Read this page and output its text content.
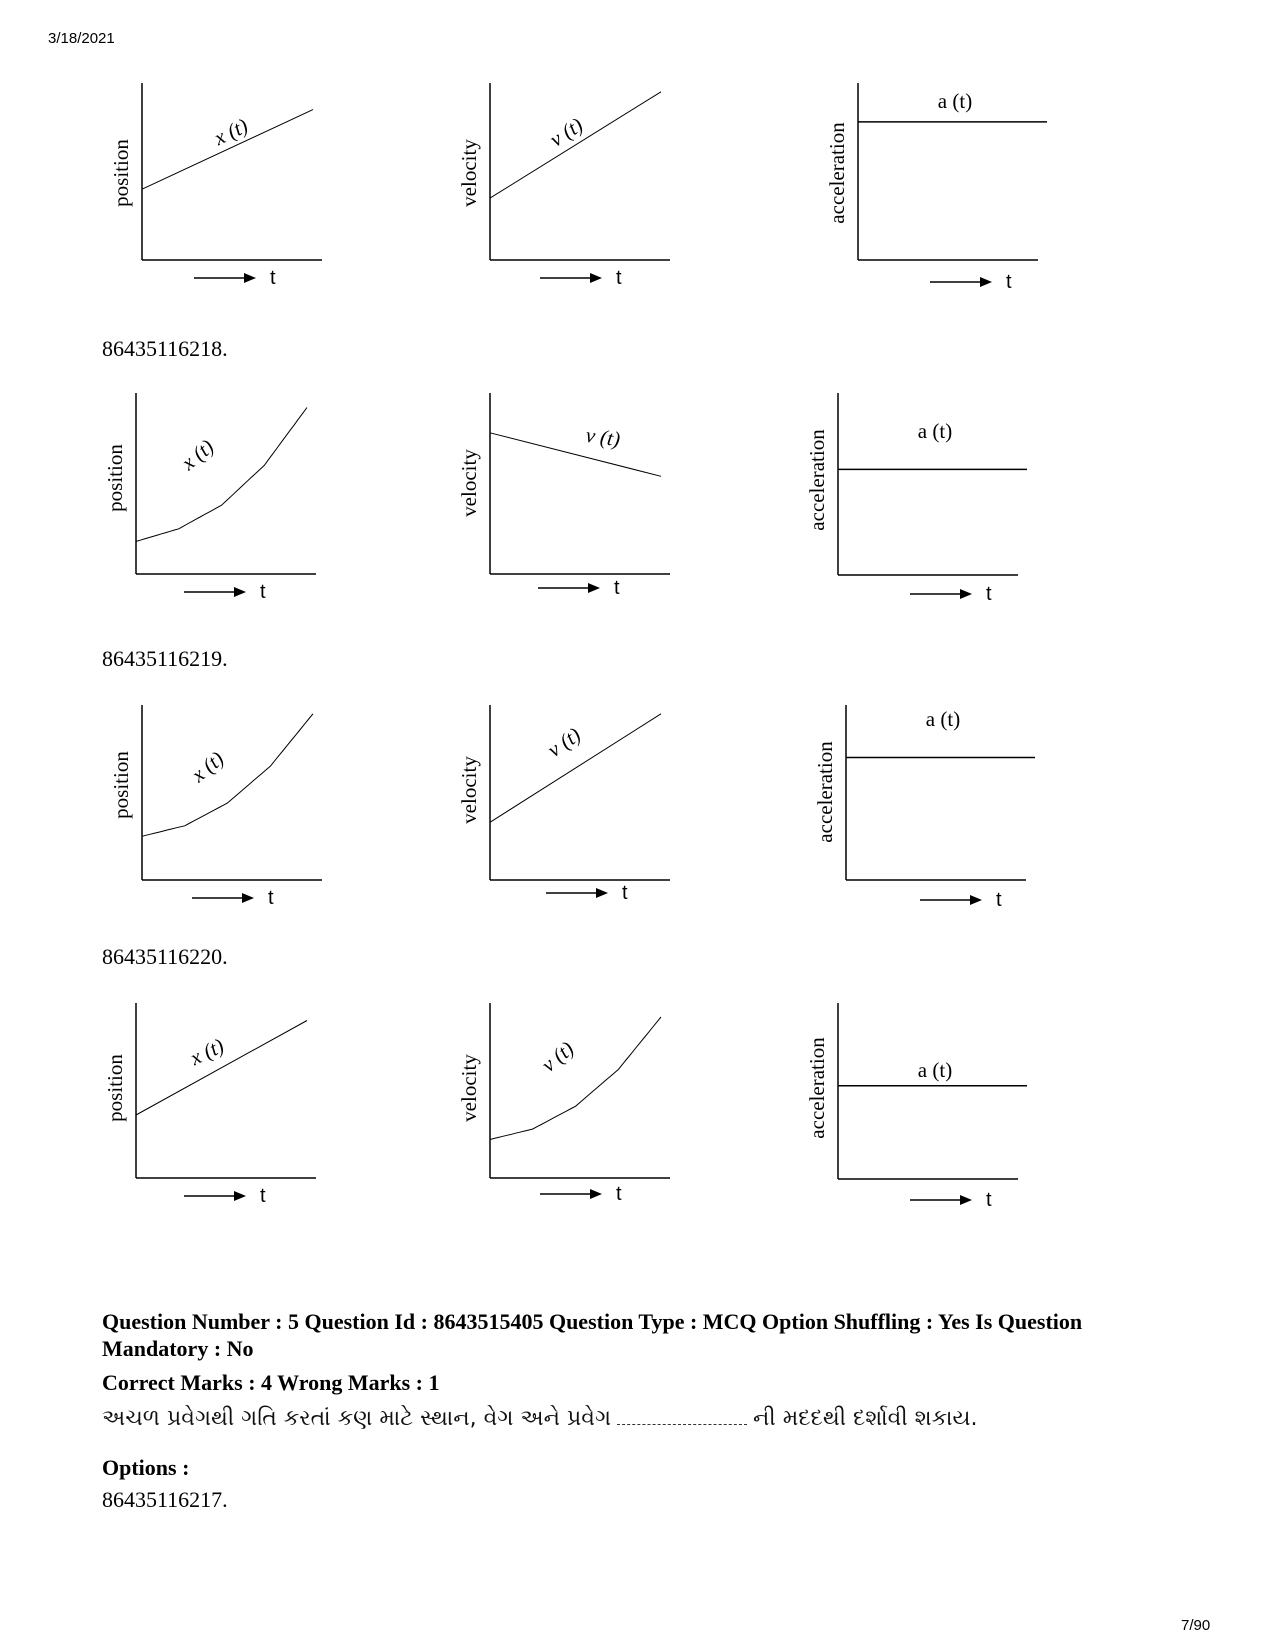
3/18/2021
position
x (t)
t
velocity
v (t)
t
acceleration
a (t)
t
86435116218.
position x (t)
t
velocity
v (t)
t
acceleration	a (t)
t
86435116219.
position	x (t)
t
velocity
v (t)
t
acceleration
a (t)
t
86435116220.
position
x (t)
t
velocity	v (t)
t
acceleration	a (t)
t
Question Number : 5 Question Id : 8643515405 Question Type : MCQ Option Shuffling : Yes Is Question Mandatory : No
Correct Marks : 4 Wrong Marks : 1
અચળ પ્રવેગથી ગતિ કરતાં કણ માટે સ્થાન, વેગ અને પ્રવેગ	ની મદદથી દર્શાવી શકાય.
Options :
86435116217.
7/90
